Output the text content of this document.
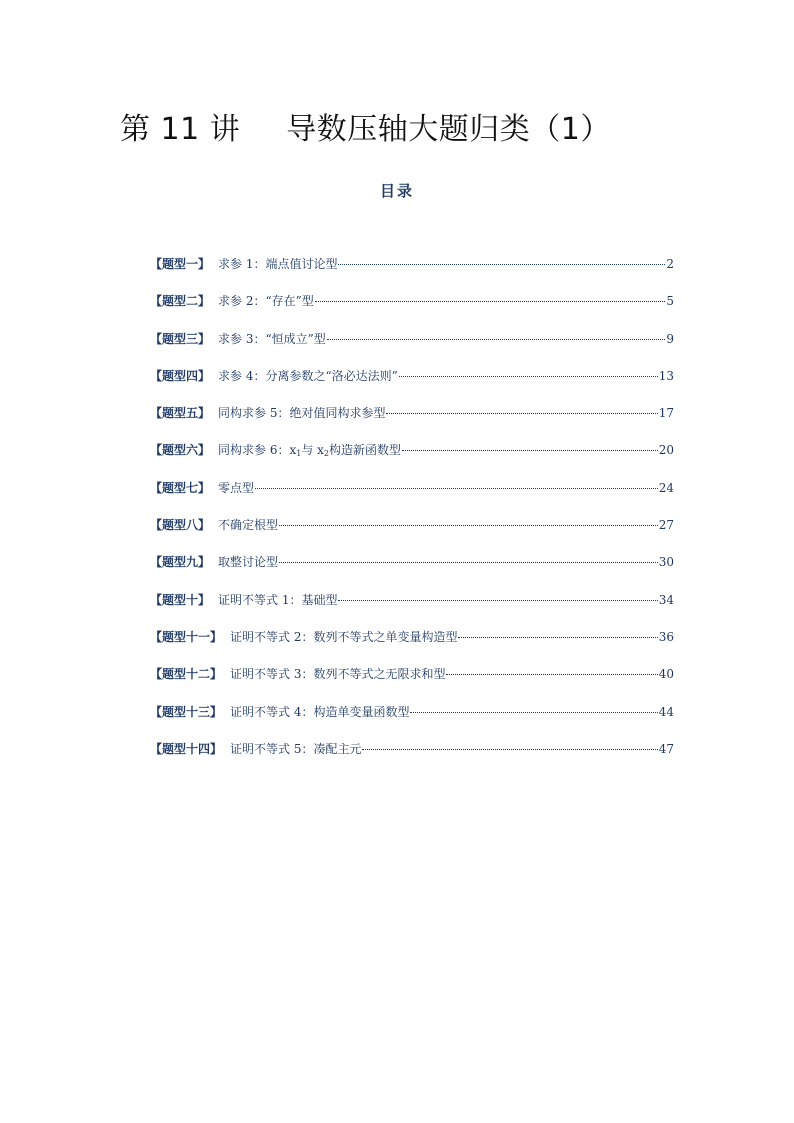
第 11 讲 导数压轴大题归类（1）
目录
【题型一】 求参 1：端点值讨论型	2
【题型二】 求参 2：“存在”型	5
【题型三】 求参 3：“恒成立”型	9
【题型四】 求参 4：分离参数之“洛必达法则”	13
【题型五】 同构求参 5：绝对值同构求参型	17
【题型六】 同构求参 6：$x_1$与 $x_2$构造新函数型	20
【题型七】 零点型	24
【题型八】 不确定根型	27
【题型九】 取整讨论型	30
【题型十】 证明不等式 1：基础型	34
【题型十一】 证明不等式 2：数列不等式之单变量构造型	36
【题型十二】 证明不等式 3：数列不等式之无限求和型	40
【题型十三】 证明不等式 4：构造单变量函数型	44
【题型十四】 证明不等式 5：凑配主元	47
